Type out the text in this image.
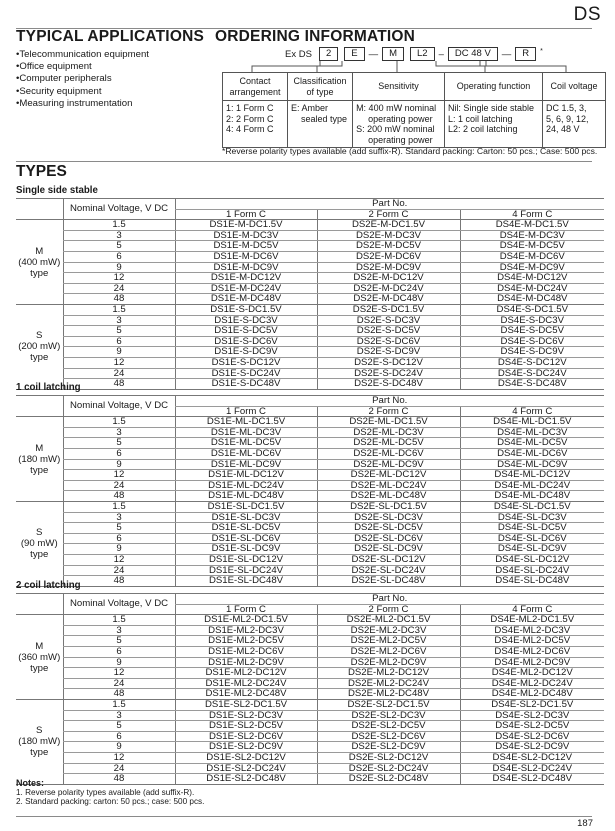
DS
TYPICAL APPLICATIONS
• Telecommunication equipment
• Office equipment
• Computer peripherals
• Security equipment
• Measuring instrumentation
ORDERING INFORMATION
Ex DS	2	E	—	M	L2	–	DC 48 V	—	R	*
Contact arrangement	Classification of type	Sensitivity	Operating function	Coil voltage

1: 1 Form C
2: 2 Form C
4: 4 Form C

E: Amber
sealed type

M: 400 mW nominal
operating power
S: 200 mW nominal
operating power

Nil: Single side stable
L: 1 coil latching
L2: 2 coil latching

DC 1.5, 3,
5, 6, 9, 12,
24, 48 V
*Reverse polarity types available (add suffix-R). Standard packing: Carton: 50 pcs.; Case: 500 pcs.
TYPES
Single side stable
	Nominal Voltage, V DC	Part No.		
		1 Form C	2 Form C	4 Form C

M
(400 mW)
type	1.5	DS1E-M-DC1.5V	DS2E-M-DC1.5V	DS4E-M-DC1.5V
	3	DS1E-M-DC3V	DS2E-M-DC3V	DS4E-M-DC3V
	5	DS1E-M-DC5V	DS2E-M-DC5V	DS4E-M-DC5V
	6	DS1E-M-DC6V	DS2E-M-DC6V	DS4E-M-DC6V
	9	DS1E-M-DC9V	DS2E-M-DC9V	DS4E-M-DC9V
	12	DS1E-M-DC12V	DS2E-M-DC12V	DS4E-M-DC12V
	24	DS1E-M-DC24V	DS2E-M-DC24V	DS4E-M-DC24V
	48	DS1E-M-DC48V	DS2E-M-DC48V	DS4E-M-DC48V

S
(200 mW)
type	1.5	DS1E-S-DC1.5V	DS2E-S-DC1.5V	DS4E-S-DC1.5V
	3	DS1E-S-DC3V	DS2E-S-DC3V	DS4E-S-DC3V
	5	DS1E-S-DC5V	DS2E-S-DC5V	DS4E-S-DC5V
	6	DS1E-S-DC6V	DS2E-S-DC6V	DS4E-S-DC6V
	9	DS1E-S-DC9V	DS2E-S-DC9V	DS4E-S-DC9V
	12	DS1E-S-DC12V	DS2E-S-DC12V	DS4E-S-DC12V
	24	DS1E-S-DC24V	DS2E-S-DC24V	DS4E-S-DC24V
	48	DS1E-S-DC48V	DS2E-S-DC48V	DS4E-S-DC48V
1 coil latching
	Nominal Voltage, V DC	Part No.		
		1 Form C	2 Form C	4 Form C

M
(180 mW)
type	1.5	DS1E-ML-DC1.5V	DS2E-ML-DC1.5V	DS4E-ML-DC1.5V
	3	DS1E-ML-DC3V	DS2E-ML-DC3V	DS4E-ML-DC3V
	5	DS1E-ML-DC5V	DS2E-ML-DC5V	DS4E-ML-DC5V
	6	DS1E-ML-DC6V	DS2E-ML-DC6V	DS4E-ML-DC6V
	9	DS1E-ML-DC9V	DS2E-ML-DC9V	DS4E-ML-DC9V
	12	DS1E-ML-DC12V	DS2E-ML-DC12V	DS4E-ML-DC12V
	24	DS1E-ML-DC24V	DS2E-ML-DC24V	DS4E-ML-DC24V
	48	DS1E-ML-DC48V	DS2E-ML-DC48V	DS4E-ML-DC48V

S
(90 mW)
type	1.5	DS1E-SL-DC1.5V	DS2E-SL-DC1.5V	DS4E-SL-DC1.5V
	3	DS1E-SL-DC3V	DS2E-SL-DC3V	DS4E-SL-DC3V
	5	DS1E-SL-DC5V	DS2E-SL-DC5V	DS4E-SL-DC5V
	6	DS1E-SL-DC6V	DS2E-SL-DC6V	DS4E-SL-DC6V
	9	DS1E-SL-DC9V	DS2E-SL-DC9V	DS4E-SL-DC9V
	12	DS1E-SL-DC12V	DS2E-SL-DC12V	DS4E-SL-DC12V
	24	DS1E-SL-DC24V	DS2E-SL-DC24V	DS4E-SL-DC24V
	48	DS1E-SL-DC48V	DS2E-SL-DC48V	DS4E-SL-DC48V
2 coil latching
	Nominal Voltage, V DC	Part No.		
		1 Form C	2 Form C	4 Form C

M
(360 mW)
type	1.5	DS1E-ML2-DC1.5V	DS2E-ML2-DC1.5V	DS4E-ML2-DC1.5V
	3	DS1E-ML2-DC3V	DS2E-ML2-DC3V	DS4E-ML2-DC3V
	5	DS1E-ML2-DC5V	DS2E-ML2-DC5V	DS4E-ML2-DC5V
	6	DS1E-ML2-DC6V	DS2E-ML2-DC6V	DS4E-ML2-DC6V
	9	DS1E-ML2-DC9V	DS2E-ML2-DC9V	DS4E-ML2-DC9V
	12	DS1E-ML2-DC12V	DS2E-ML2-DC12V	DS4E-ML2-DC12V
	24	DS1E-ML2-DC24V	DS2E-ML2-DC24V	DS4E-ML2-DC24V
	48	DS1E-ML2-DC48V	DS2E-ML2-DC48V	DS4E-ML2-DC48V

S
(180 mW)
type	1.5	DS1E-SL2-DC1.5V	DS2E-SL2-DC1.5V	DS4E-SL2-DC1.5V
	3	DS1E-SL2-DC3V	DS2E-SL2-DC3V	DS4E-SL2-DC3V
	5	DS1E-SL2-DC5V	DS2E-SL2-DC5V	DS4E-SL2-DC5V
	6	DS1E-SL2-DC6V	DS2E-SL2-DC6V	DS4E-SL2-DC6V
	9	DS1E-SL2-DC9V	DS2E-SL2-DC9V	DS4E-SL2-DC9V
	12	DS1E-SL2-DC12V	DS2E-SL2-DC12V	DS4E-SL2-DC12V
	24	DS1E-SL2-DC24V	DS2E-SL2-DC24V	DS4E-SL2-DC24V
	48	DS1E-SL2-DC48V	DS2E-SL2-DC48V	DS4E-SL2-DC48V
Notes:
1. Reverse polarity types available (add suffix-R).
2. Standard packing: carton: 50 pcs.; case: 500 pcs.
187
